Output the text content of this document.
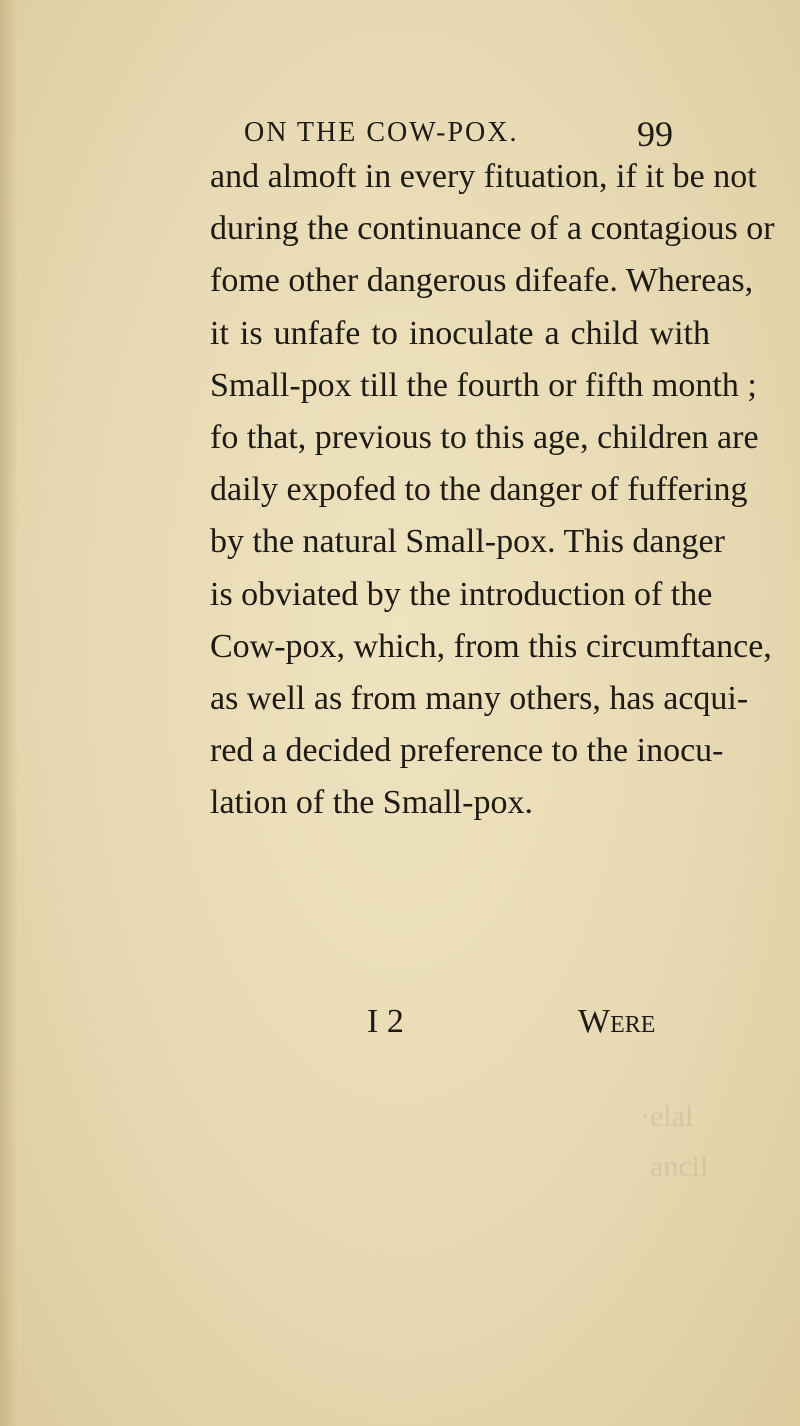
·elal
ancil
ON THE COW-POX.	99
and almoft in every fituation, if it be not
during the continuance of a contagious or
fome other dangerous difeafe. Whereas,
it is unfafe to inoculate a child with
Small-pox till the fourth or fifth month ;
fo that, previous to this age, children are
daily expofed to the danger of fuffering
by the natural Small-pox. This danger
is obviated by the introduction of the
Cow-pox, which, from this circumftance,
as well as from many others, has acqui-
red a decided preference to the inocu-
lation of the Small-pox.
I 2	Were
